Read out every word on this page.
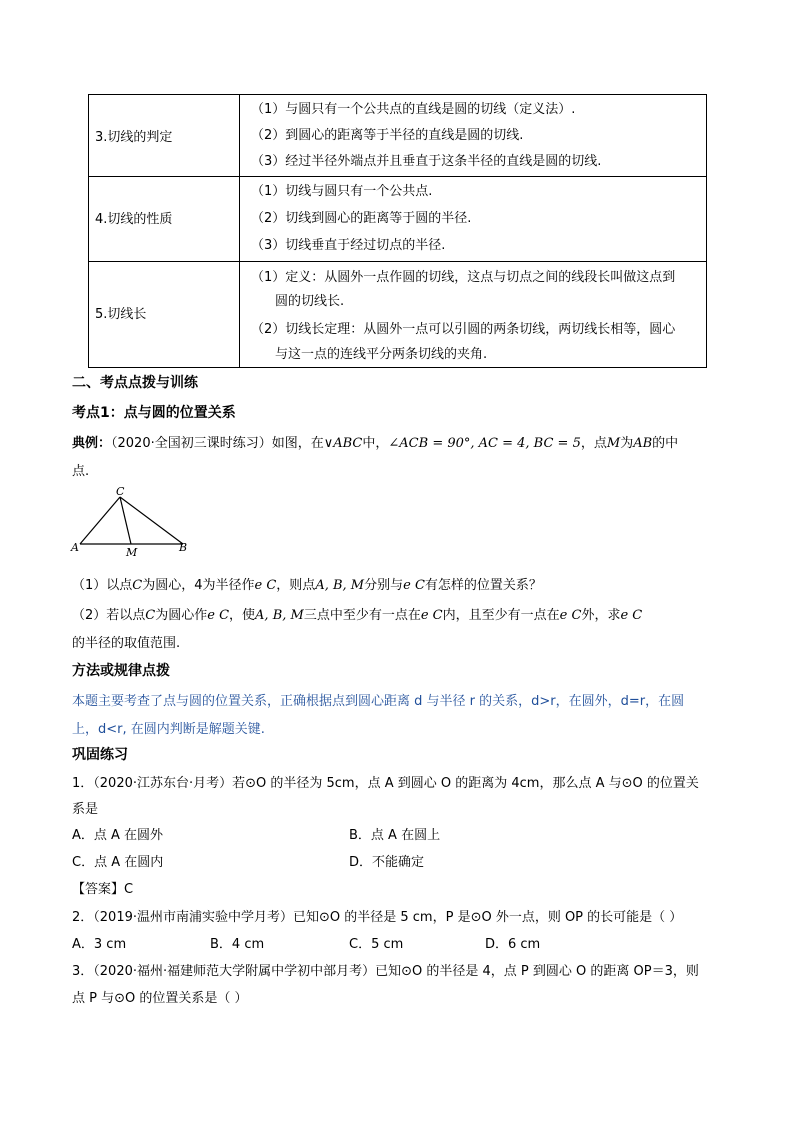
3.切线的判定
（1）与圆只有一个公共点的直线是圆的切线（定义法）.
（2）到圆心的距离等于半径的直线是圆的切线.
（3）经过半径外端点并且垂直于这条半径的直线是圆的切线.
4.切线的性质
（1）切线与圆只有一个公共点.
（2）切线到圆心的距离等于圆的半径.
（3）切线垂直于经过切点的半径.
5.切线长
（1）定义：从圆外一点作圆的切线，这点与切点之间的线段长叫做这点到
圆的切线长.
（2）切线长定理：从圆外一点可以引圆的两条切线，两切线长相等，圆心
与这一点的连线平分两条切线的夹角.
二、考点点拨与训练
考点1：点与圆的位置关系
典例：（2020·全国初三课时练习）如图，在∨ABC中，∠ACB = 90°, AC = 4, BC = 5，点M为AB的中
点.
C
A	M	B
（1）以点C为圆心，4为半径作e C，则点A, B, M分别与e C有怎样的位置关系？
（2）若以点C为圆心作e C，使A, B, M三点中至少有一点在e C内，且至少有一点在e C外，求e C
的半径的取值范围.
方法或规律点拨
本题主要考查了点与圆的位置关系，正确根据点到圆心距离 d 与半径 r 的关系，d>r，在圆外，d=r，在圆
上，d<r, 在圆内判断是解题关键.
巩固练习
1．（2020·江苏东台·月考）若⊙O 的半径为 5cm，点 A 到圆心 O 的距离为 4cm，那么点 A 与⊙O 的位置关
系是
A．点 A 在圆外	B．点 A 在圆上
C．点 A 在圆内	D．不能确定
【答案】C
2．（2019·温州市南浦实验中学月考）已知⊙O 的半径是 5 cm，P 是⊙O 外一点，则 OP 的长可能是（ ）
A．3 cm	B．4 cm	C．5 cm	D．6 cm
3．（2020·福州·福建师范大学附属中学初中部月考）已知⊙O 的半径是 4，点 P 到圆心 O 的距离 OP＝3，则
点 P 与⊙O 的位置关系是（ ）
